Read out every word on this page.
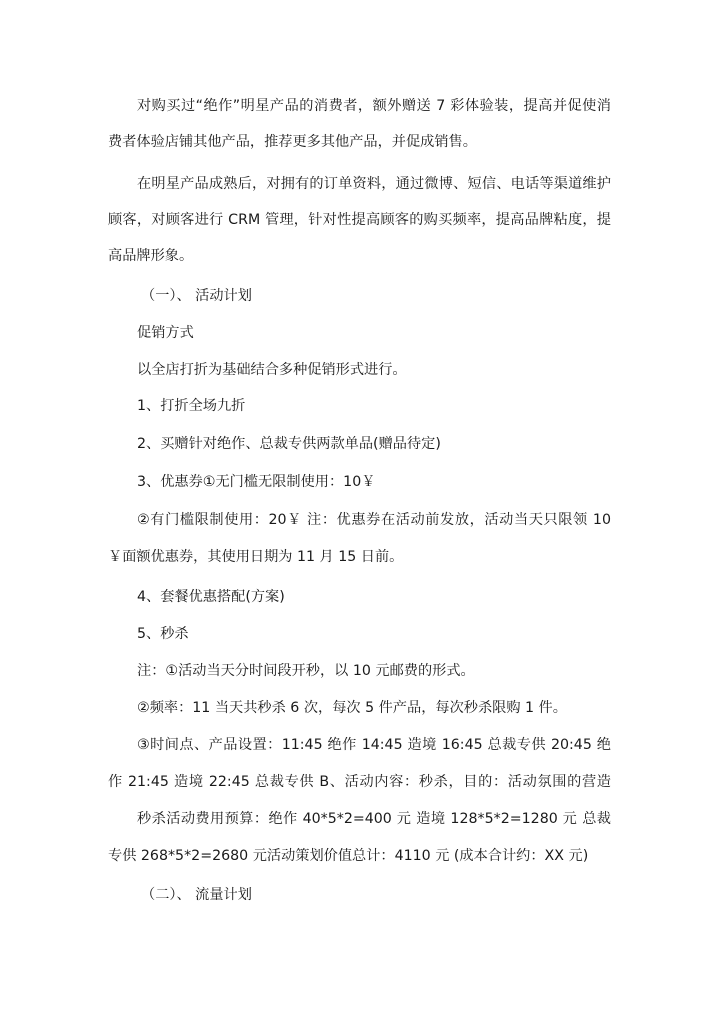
对购买过“绝作”明星产品的消费者，额外赠送 7 彩体验装，提高并促使消
费者体验店铺其他产品，推荐更多其他产品，并促成销售。
在明星产品成熟后，对拥有的订单资料，通过微博、短信、电话等渠道维护
顾客，对顾客进行 CRM 管理，针对性提高顾客的购买频率，提高品牌粘度，提
高品牌形象。
（一）、 活动计划
促销方式
以全店打折为基础结合多种促销形式进行。
1、打折全场九折
2、买赠针对绝作、总裁专供两款单品(赠品待定)
3、优惠券①无门槛无限制使用：10￥
②有门槛限制使用：20￥ 注：优惠券在活动前发放，活动当天只限领 10
￥面额优惠券，其使用日期为 11 月 15 日前。
4、套餐优惠搭配(方案)
5、秒杀
注：①活动当天分时间段开秒，以 10 元邮费的形式。
②频率：11 当天共秒杀 6 次，每次 5 件产品，每次秒杀限购 1 件。
③时间点、产品设置：11:45 绝作 14:45 造境 16:45 总裁专供 20:45 绝
作 21:45 造境 22:45 总裁专供 B、活动内容：秒杀，目的：活动氛围的营造
秒杀活动费用预算：绝作 40*5*2=400 元 造境 128*5*2=1280 元 总裁
专供 268*5*2=2680 元活动策划价值总计：4110 元 (成本合计约：XX 元)
（二）、 流量计划
